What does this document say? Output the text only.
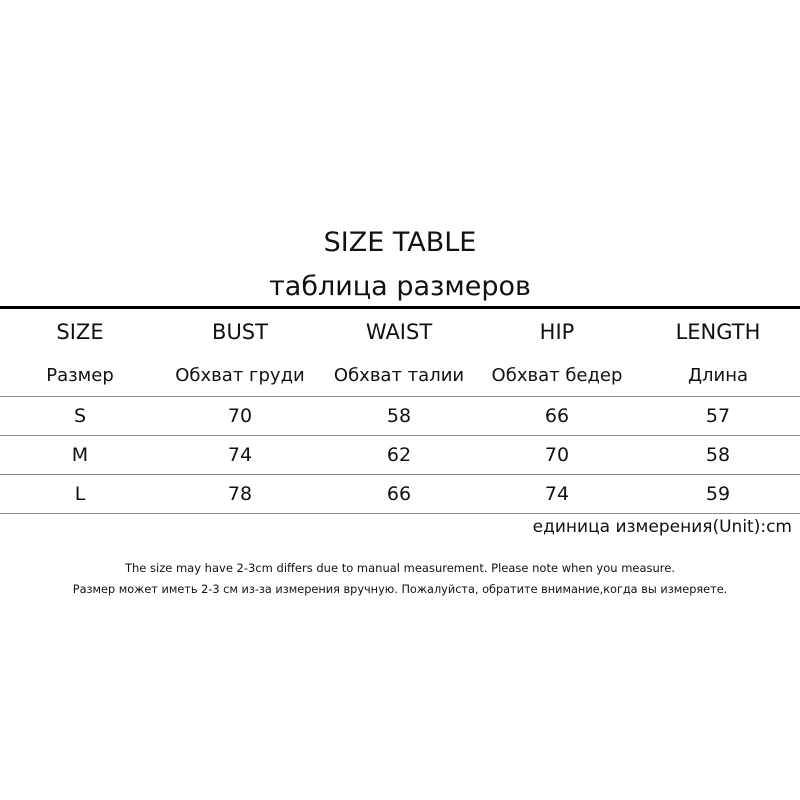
SIZE TABLE
таблица размеров
SIZE	BUST	WAIST	HIP	LENGTH
Размер	Обхват груди	Обхват талии	Обхват бедер	Длина
S	70	58	66	57
M	74	62	70	58
L	78	66	74	59
единица измерения(Unit):cm
The size may have 2-3cm differs due to manual measurement. Please note when you measure.
Размер может иметь 2-3 см из-за измерения вручную. Пожалуйста, обратите внимание,когда вы измеряете.
